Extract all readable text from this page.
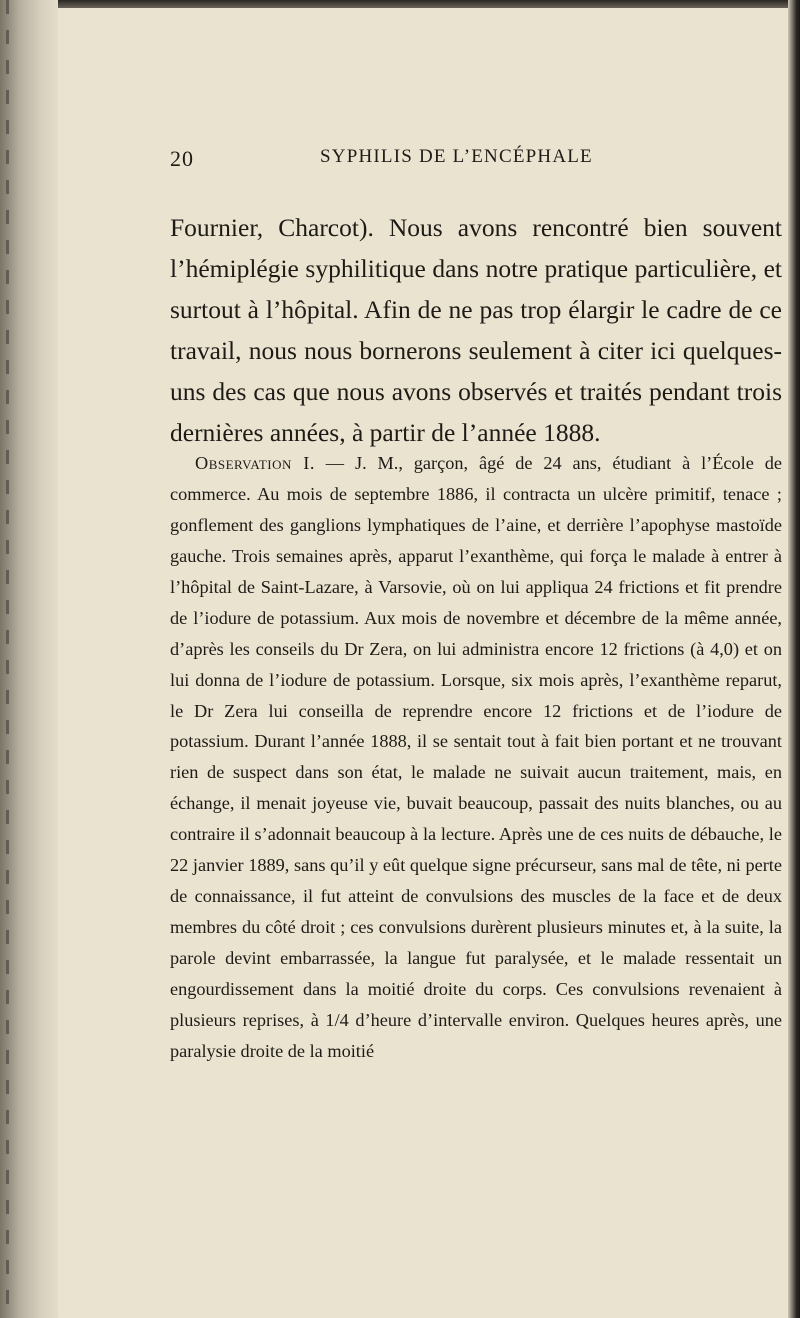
20	SYPHILIS DE L’ENCÉPHALE

Fournier, Charcot). Nous avons rencontré bien souvent l’hémiplégie syphilitique dans notre pratique particulière, et surtout à l’hôpital. Afin de ne pas trop élargir le cadre de ce travail, nous nous bornerons seulement à citer ici quelques-uns des cas que nous avons observés et traités pendant trois dernières années, à partir de l’année 1888.

Observation I. — J. M., garçon, âgé de 24 ans, étudiant à l’École de commerce. Au mois de septembre 1886, il contracta un ulcère primitif, tenace ; gonflement des ganglions lymphatiques de l’aine, et derrière l’apophyse mastoïde gauche. Trois semaines après, apparut l’exanthème, qui força le malade à entrer à l’hôpital de Saint-Lazare, à Varsovie, où on lui appliqua 24 frictions et fit prendre de l’iodure de potassium. Aux mois de novembre et décembre de la même année, d’après les conseils du Dr Zera, on lui administra encore 12 frictions (à 4,0) et on lui donna de l’iodure de potassium. Lorsque, six mois après, l’exanthème reparut, le Dr Zera lui conseilla de reprendre encore 12 frictions et de l’iodure de potassium. Durant l’année 1888, il se sentait tout à fait bien portant et ne trouvant rien de suspect dans son état, le malade ne suivait aucun traitement, mais, en échange, il menait joyeuse vie, buvait beaucoup, passait des nuits blanches, ou au contraire il s’adonnait beaucoup à la lecture. Après une de ces nuits de débauche, le 22 janvier 1889, sans qu’il y eût quelque signe précurseur, sans mal de tête, ni perte de connaissance, il fut atteint de convulsions des muscles de la face et de deux membres du côté droit ; ces convulsions durèrent plusieurs minutes et, à la suite, la parole devint embarrassée, la langue fut paralysée, et le malade ressentait un engourdissement dans la moitié droite du corps. Ces convulsions revenaient à plusieurs reprises, à 1/4 d’heure d’intervalle environ. Quelques heures après, une paralysie droite de la moitié
